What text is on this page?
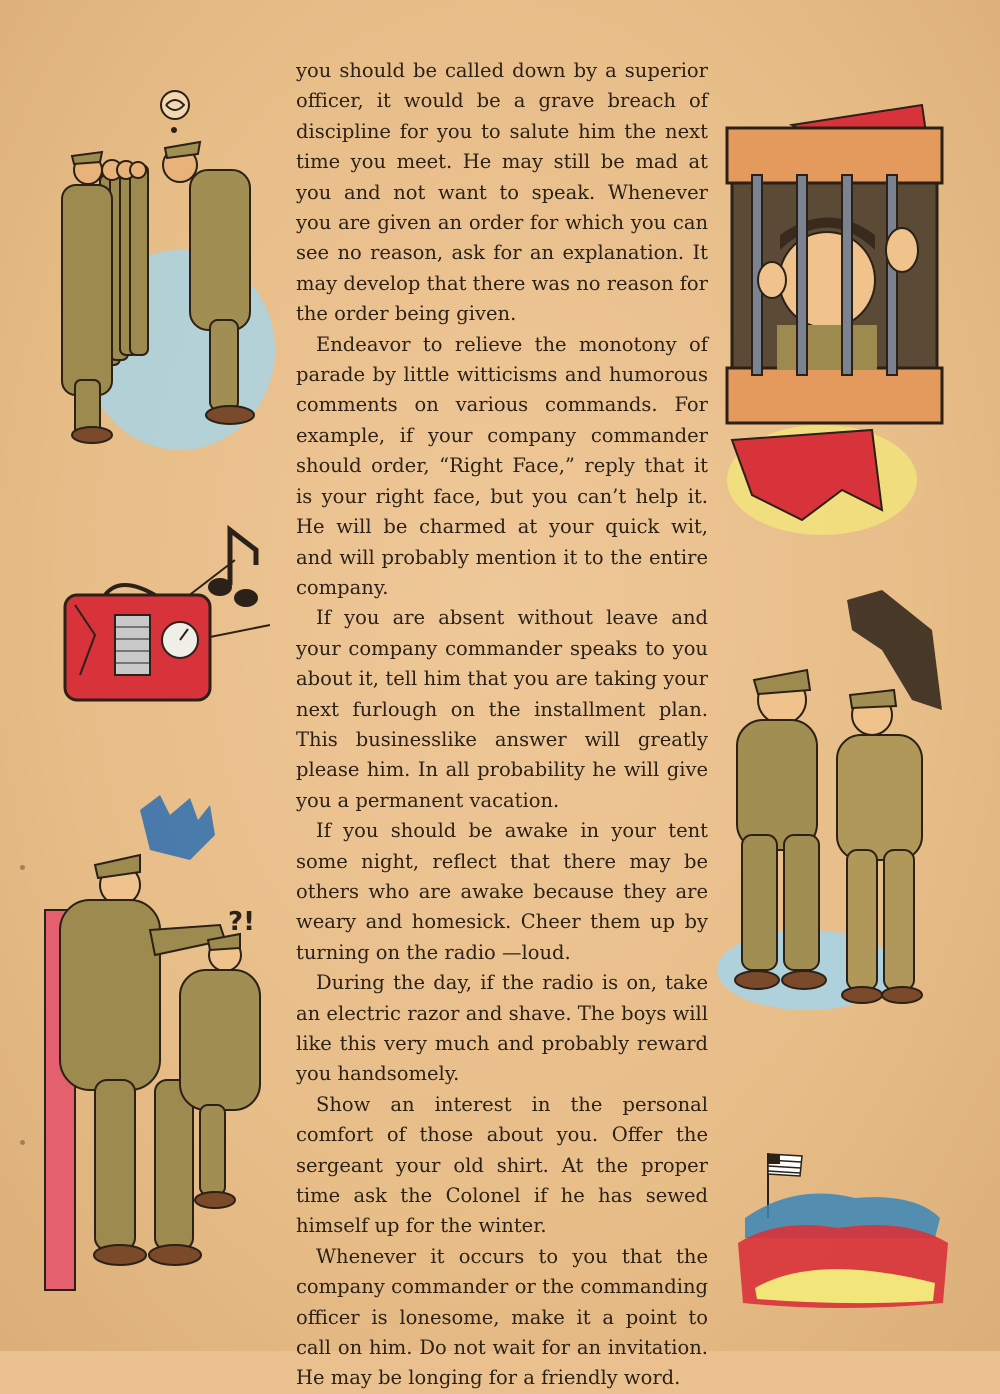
you should be called down by a superior officer, it would be a grave breach of discipline for you to salute him the next time you meet. He may still be mad at you and not want to speak. Whenever you are given an order for which you can see no reason, ask for an explanation. It may develop that there was no reason for the order being given.

Endeavor to relieve the monotony of parade by little witticisms and humorous comments on various commands. For example, if your company commander should order, “Right Face,” reply that it is your right face, but you can’t help it. He will be charmed at your quick wit, and will probably mention it to the entire company.

If you are absent without leave and your company commander speaks to you about it, tell him that you are taking your next furlough on the installment plan. This businesslike answer will greatly please him. In all probability he will give you a permanent vacation.

If you should be awake in your tent some night, reflect that there may be others who are awake because they are weary and homesick. Cheer them up by turning on the radio —loud.

During the day, if the radio is on, take an electric razor and shave. The boys will like this very much and probably reward you handsomely.

Show an interest in the personal comfort of those about you. Offer the sergeant your old shirt. At the proper time ask the Colonel if he has sewed himself up for the winter.

Whenever it occurs to you that the company commander or the commanding officer is lonesome, make it a point to call on him. Do not wait for an invitation. He may be longing for a friendly word.

?!
